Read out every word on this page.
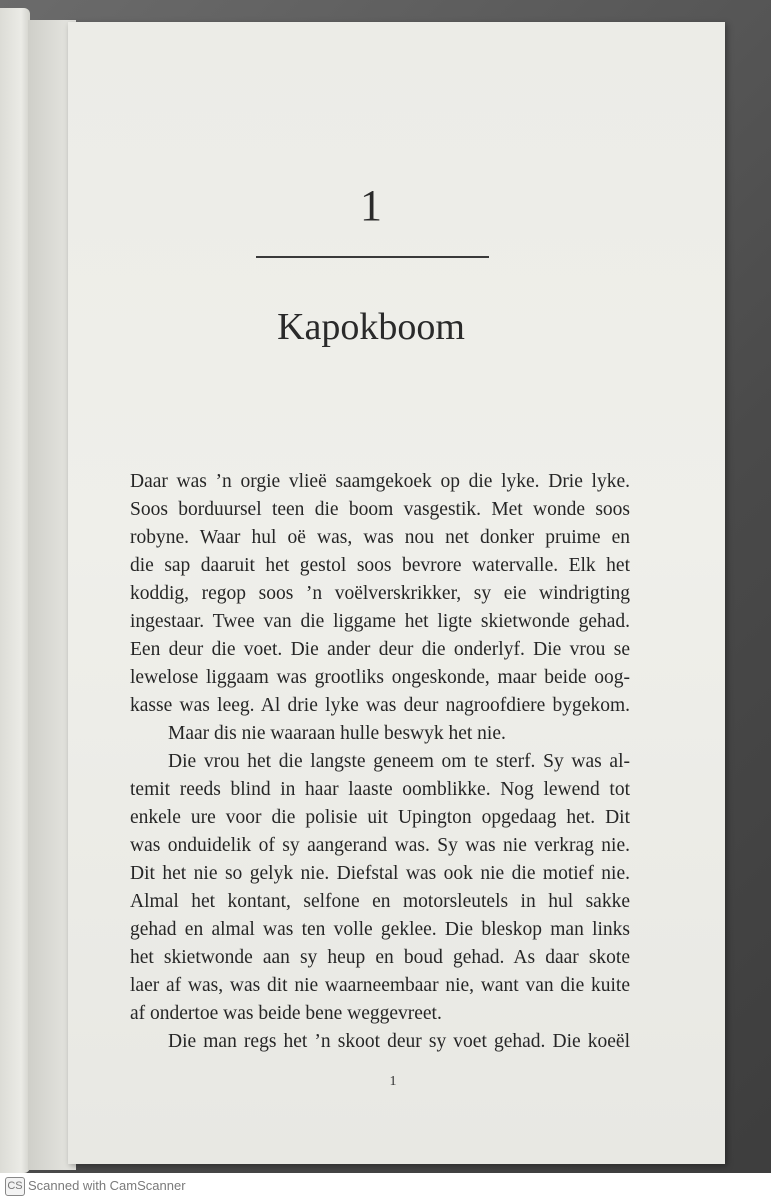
1
Kapokboom
Daar was ’n orgie vlieë saamgekoek op die lyke. Drie lyke.
Soos borduursel teen die boom vasgestik. Met wonde soos
robyne. Waar hul oë was, was nou net donker pruime en
die sap daaruit het gestol soos bevrore watervalle. Elk het
koddig, regop soos ’n voëlverskrikker, sy eie windrigting
ingestaar. Twee van die liggame het ligte skietwonde gehad.
Een deur die voet. Die ander deur die onderlyf. Die vrou se
lewelose liggaam was grootliks ongeskonde, maar beide oog-
kasse was leeg. Al drie lyke was deur nagroofdiere bygekom.
Maar dis nie waaraan hulle beswyk het nie.
Die vrou het die langste geneem om te sterf. Sy was al-
temit reeds blind in haar laaste oomblikke. Nog lewend tot
enkele ure voor die polisie uit Upington opgedaag het. Dit
was onduidelik of sy aangerand was. Sy was nie verkrag nie.
Dit het nie so gelyk nie. Diefstal was ook nie die motief nie.
Almal het kontant, selfone en motorsleutels in hul sakke
gehad en almal was ten volle geklee. Die bleskop man links
het skietwonde aan sy heup en boud gehad. As daar skote
laer af was, was dit nie waarneembaar nie, want van die kuite
af ondertoe was beide bene weggevreet.
Die man regs het ’n skoot deur sy voet gehad. Die koeël
1
CS Scanned with CamScanner
